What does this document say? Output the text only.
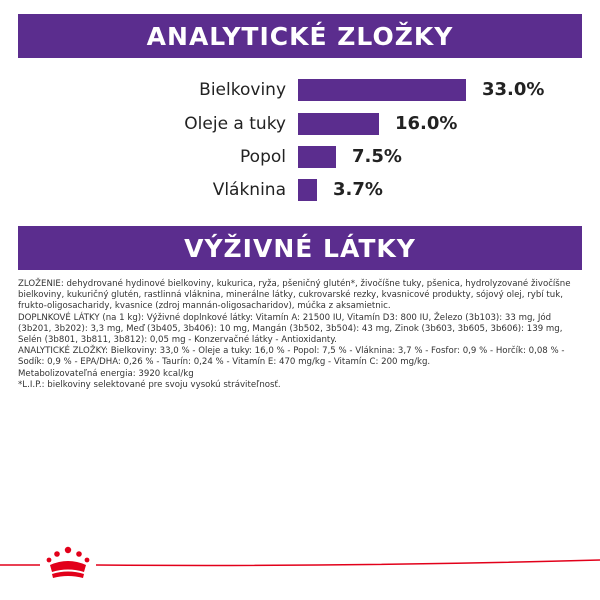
ANALYTICKÉ ZLOŽKY
Bielkoviny	33.0%
Oleje a tuky	16.0%
Popol	7.5%
Vláknina	3.7%
VÝŽIVNÉ LÁTKY

ZLOŽENIE: dehydrované hydinové bielkoviny, kukurica, ryža, pšeničný glutén*, živočíšne tuky, pšenica, hydrolyzované živočíšne bielkoviny, kukuričný glutén, rastlinná vláknina, minerálne látky, cukrovarské rezky, kvasnicové produkty, sójový olej, rybí tuk, frukto-oligosacharidy, kvasnice (zdroj mannán-oligosacharidov), múčka z aksamietnic.

DOPLNKOVÉ LÁTKY (na 1 kg): Výživné doplnkové látky: Vitamín A: 21500 IU, Vitamín D3: 800 IU, Železo (3b103): 33 mg, Jód (3b201, 3b202): 3,3 mg, Meď (3b405, 3b406): 10 mg, Mangán (3b502, 3b504): 43 mg, Zinok (3b603, 3b605, 3b606): 139 mg, Selén (3b801, 3b811, 3b812): 0,05 mg - Konzervačné látky - Antioxidanty.

ANALYTICKÉ ZLOŽKY: Bielkoviny: 33,0 % - Oleje a tuky: 16,0 % - Popol: 7,5 % - Vláknina: 3,7 % - Fosfor: 0,9 % - Horčík: 0,08 % - Sodík: 0,9 % - EPA/DHA: 0,26 % - Taurín: 0,24 % - Vitamín E: 470 mg/kg - Vitamín C: 200 mg/kg.

Metabolizovateľná energia: 3920 kcal/kg

*L.I.P.: bielkoviny selektované pre svoju vysokú stráviteľnosť.
